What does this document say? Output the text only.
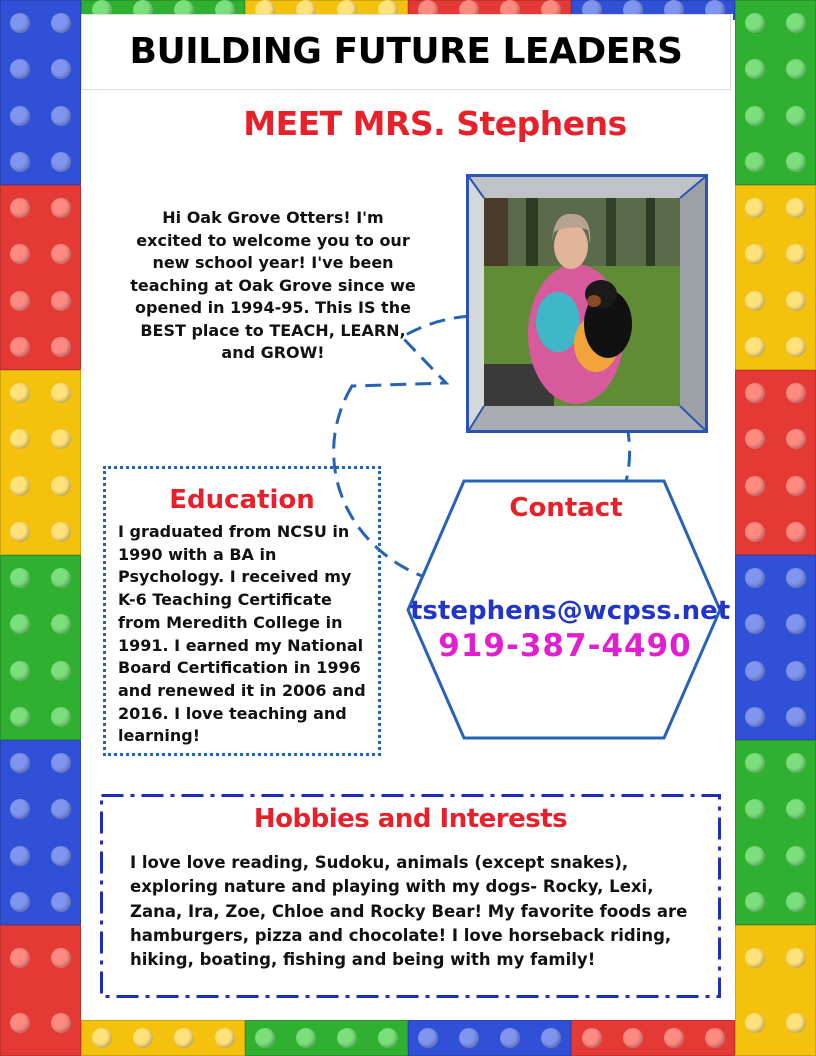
BUILDING FUTURE LEADERS
MEET MRS. Stephens
Hi Oak Grove Otters! I'm excited to welcome you to our new school year! I've been teaching at Oak Grove since we opened in 1994-95. This IS the BEST place to TEACH, LEARN, and GROW!
Education
I graduated from NCSU in 1990 with a BA in Psychology. I received my K-6 Teaching Certificate from Meredith College in 1991. I earned my National Board Certification in 1996 and renewed it in 2006 and 2016. I love teaching and learning!
Contact
tstephens@wcpss.net
919-387-4490
Hobbies and Interests
I love love reading, Sudoku, animals (except snakes), exploring nature and playing with my dogs- Rocky, Lexi, Zana, Ira, Zoe, Chloe and Rocky Bear! My favorite foods are hamburgers, pizza and chocolate! I love horseback riding, hiking, boating, fishing and being with my family!
